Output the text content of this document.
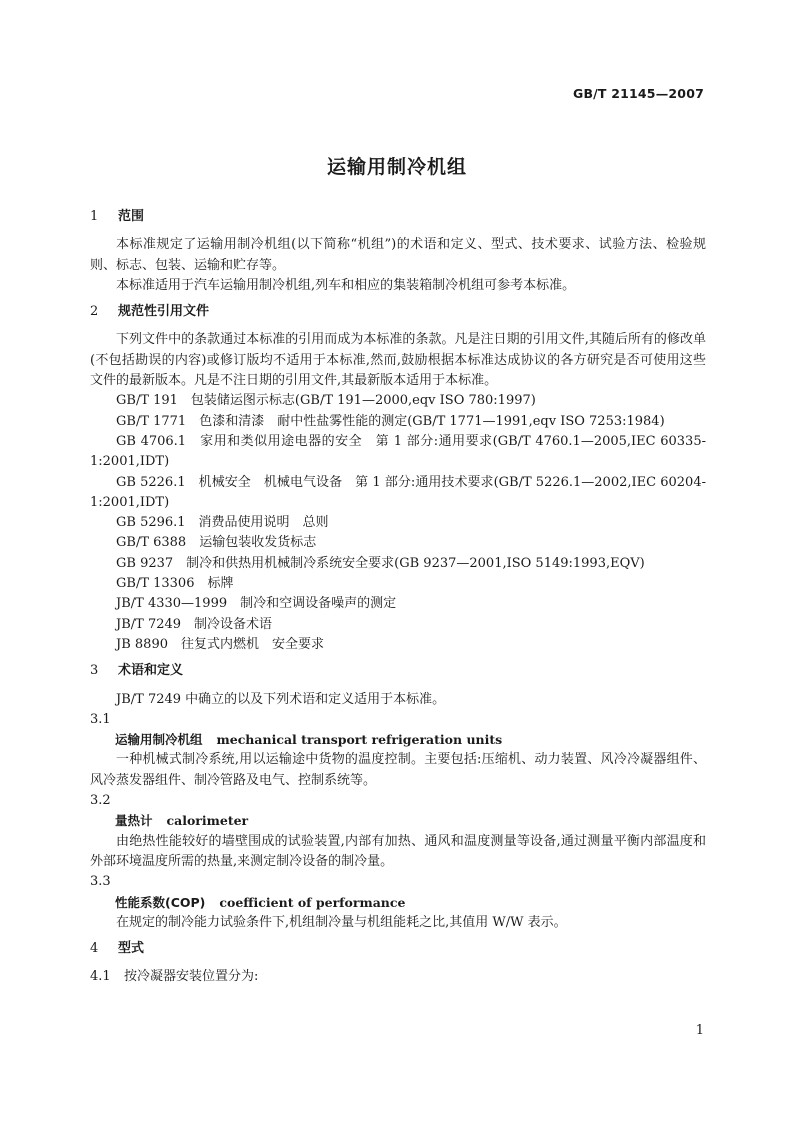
GB/T 21145—2007
运输用制冷机组
1 范围

本标准规定了运输用制冷机组(以下简称“机组”)的术语和定义、型式、技术要求、试验方法、检验规则、标志、包装、运输和贮存等。

本标准适用于汽车运输用制冷机组,列车和相应的集装箱制冷机组可参考本标准。

2 规范性引用文件

下列文件中的条款通过本标准的引用而成为本标准的条款。凡是注日期的引用文件,其随后所有的修改单(不包括勘误的内容)或修订版均不适用于本标准,然而,鼓励根据本标准达成协议的各方研究是否可使用这些文件的最新版本。凡是不注日期的引用文件,其最新版本适用于本标准。

GB/T 191　包装储运图示标志(GB/T 191—2000,eqv ISO 780:1997)

GB/T 1771　色漆和清漆　耐中性盐雾性能的测定(GB/T 1771—1991,eqv ISO 7253:1984)

GB 4706.1　家用和类似用途电器的安全　第 1 部分:通用要求(GB/T 4760.1—2005,IEC 60335-1:2001,IDT)

GB 5226.1　机械安全　机械电气设备　第 1 部分:通用技术要求(GB/T 5226.1—2002,IEC 60204-1:2001,IDT)

GB 5296.1　消费品使用说明　总则

GB/T 6388　运输包装收发货标志

GB 9237　制冷和供热用机械制冷系统安全要求(GB 9237—2001,ISO 5149:1993,EQV)

GB/T 13306　标牌

JB/T 4330—1999　制冷和空调设备噪声的测定

JB/T 7249　制冷设备术语

JB 8890　往复式内燃机　安全要求

3 术语和定义

JB/T 7249 中确立的以及下列术语和定义适用于本标准。

3.1

运输用制冷机组 mechanical transport refrigeration units

一种机械式制冷系统,用以运输途中货物的温度控制。主要包括:压缩机、动力装置、风冷冷凝器组件、风冷蒸发器组件、制冷管路及电气、控制系统等。

3.2

量热计 calorimeter

由绝热性能较好的墙壁围成的试验装置,内部有加热、通风和温度测量等设备,通过测量平衡内部温度和外部环境温度所需的热量,来测定制冷设备的制冷量。

3.3

性能系数(COP) coefficient of performance

在规定的制冷能力试验条件下,机组制冷量与机组能耗之比,其值用 W/W 表示。

4 型式

4.1 按冷凝器安装位置分为:

1
